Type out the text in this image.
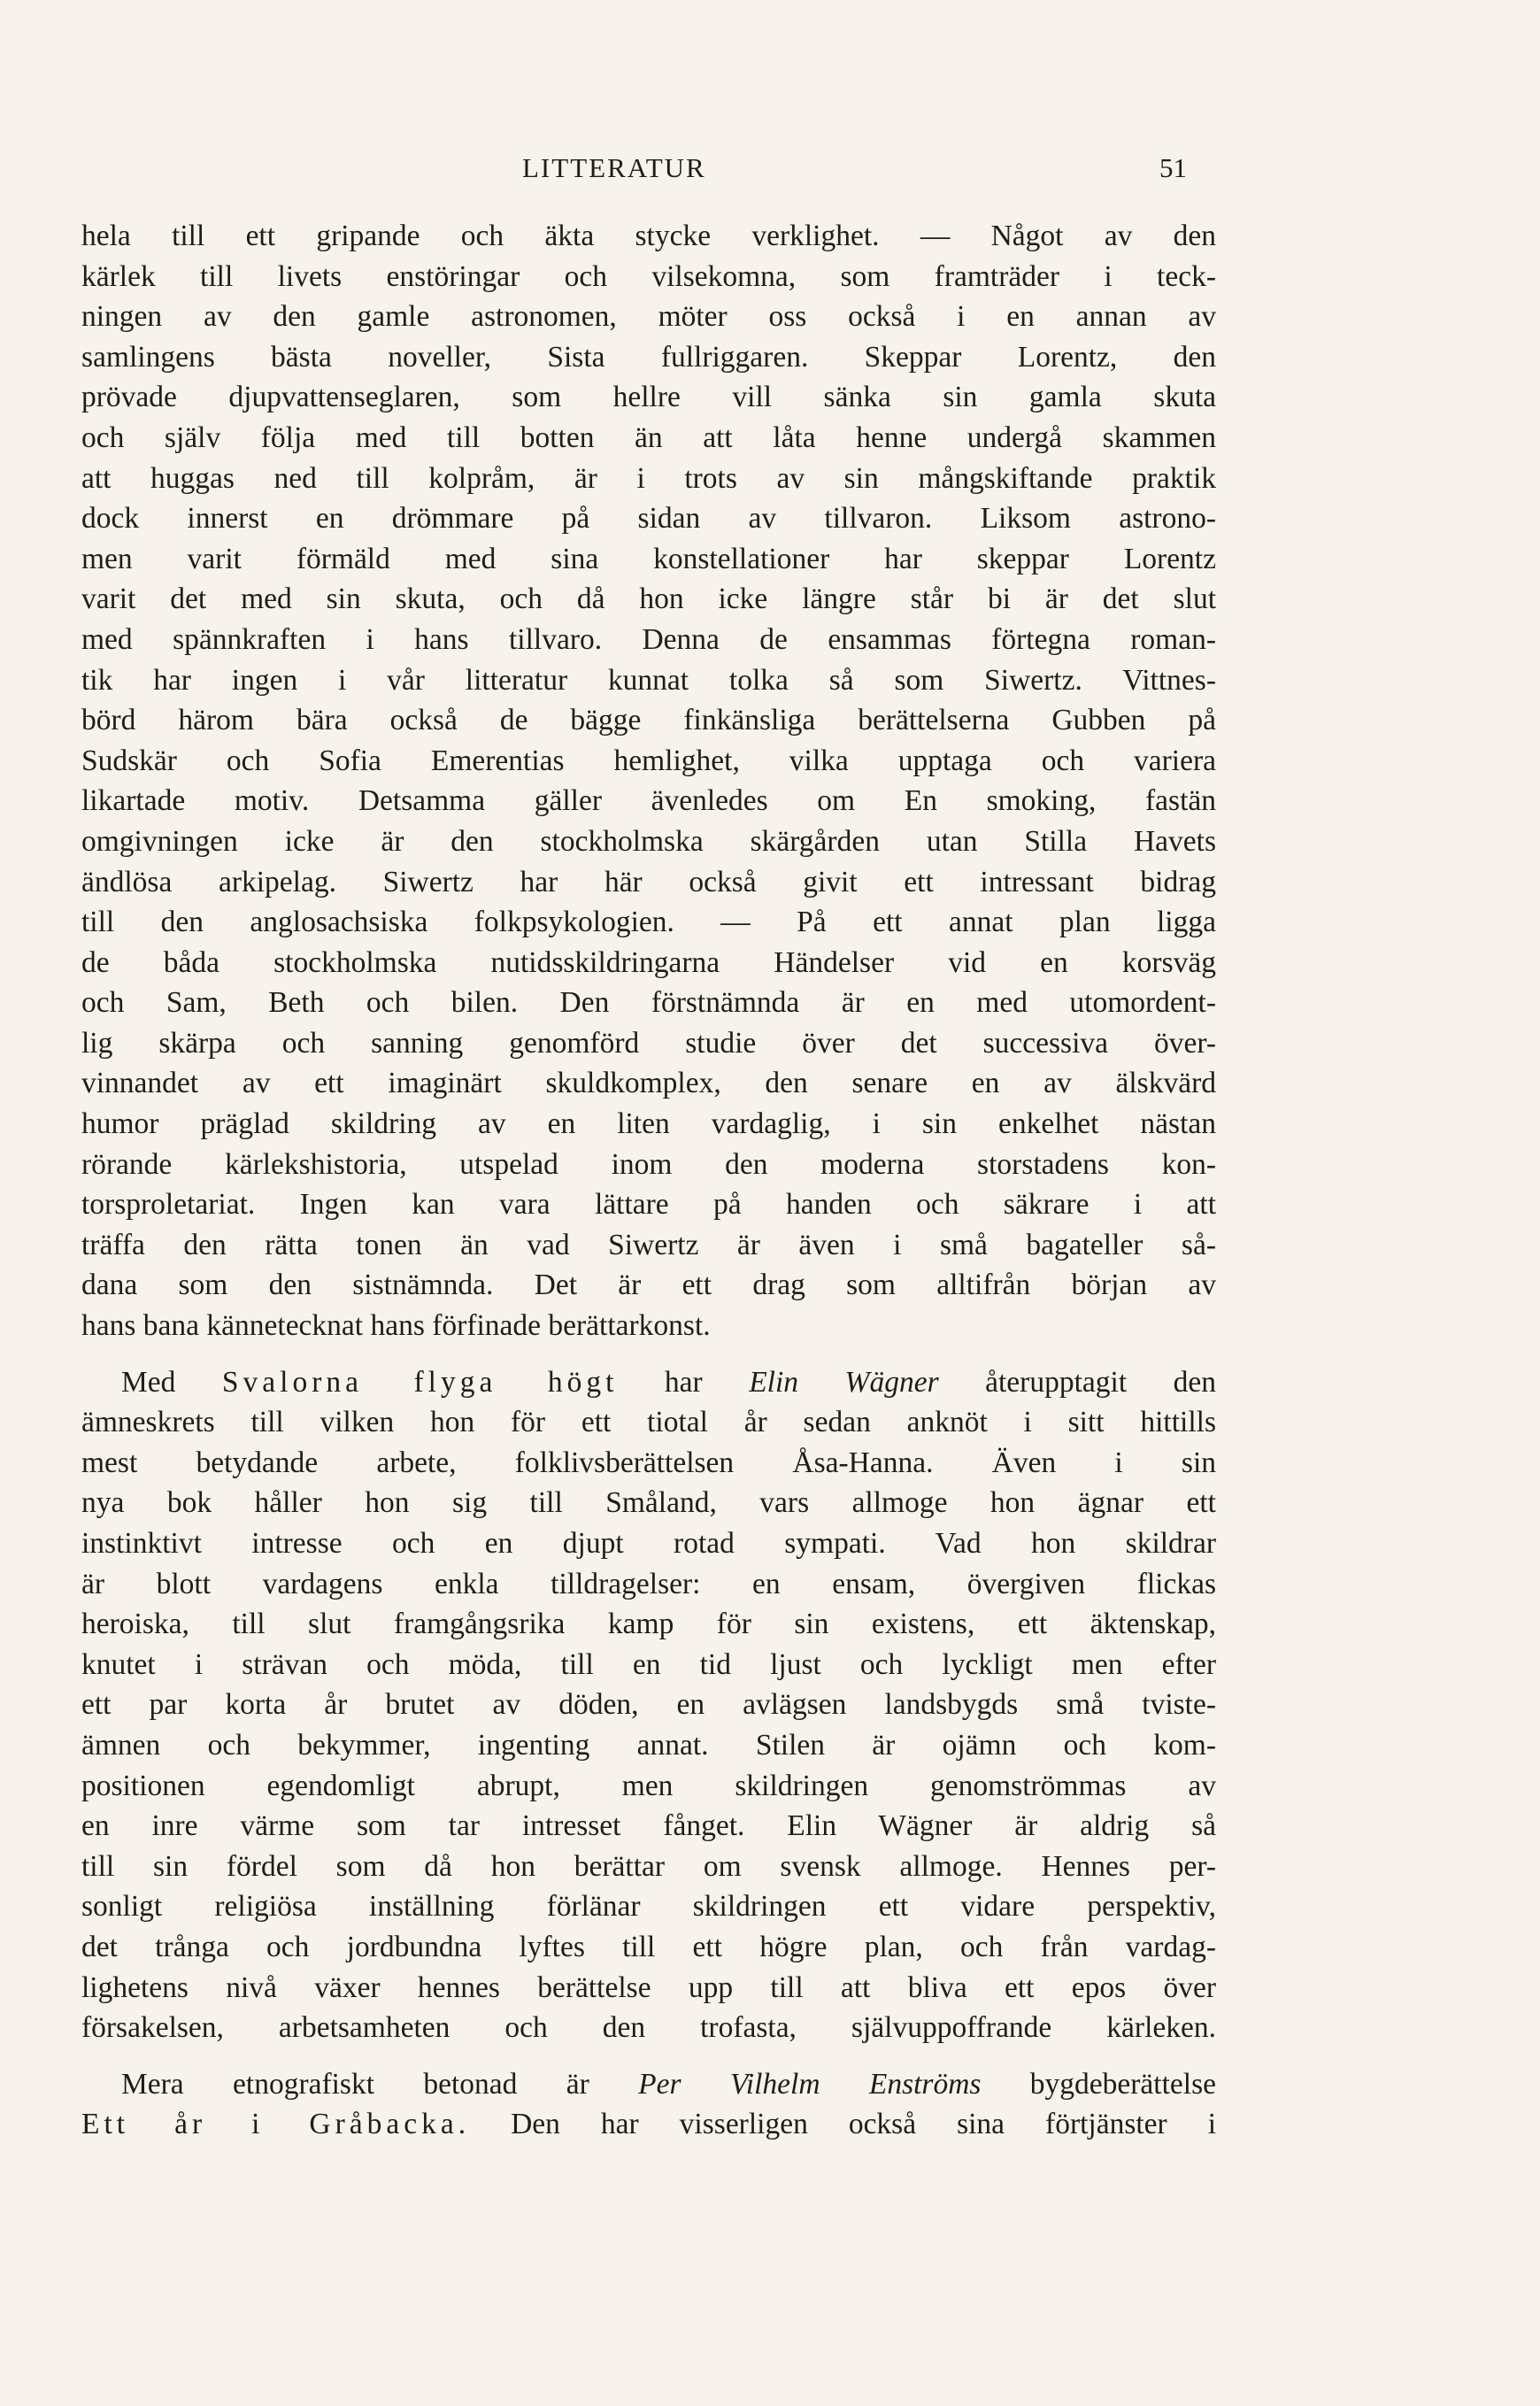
LITTERATUR	51
hela till ett gripande och äkta stycke verklighet. — Något av den
kärlek till livets enstöringar och vilsekomna, som framträder i teck-
ningen av den gamle astronomen, möter oss också i en annan av
samlingens bästa noveller, Sista fullriggaren. Skeppar Lorentz, den
prövade djupvattenseglaren, som hellre vill sänka sin gamla skuta
och själv följa med till botten än att låta henne undergå skammen
att huggas ned till kolpråm, är i trots av sin mångskiftande praktik
dock innerst en drömmare på sidan av tillvaron. Liksom astrono-
men varit förmäld med sina konstellationer har skeppar Lorentz
varit det med sin skuta, och då hon icke längre står bi är det slut
med spännkraften i hans tillvaro. Denna de ensammas förtegna roman-
tik har ingen i vår litteratur kunnat tolka så som Siwertz. Vittnes-
börd härom bära också de bägge finkänsliga berättelserna Gubben på
Sudskär och Sofia Emerentias hemlighet, vilka upptaga och variera
likartade motiv. Detsamma gäller ävenledes om En smoking, fastän
omgivningen icke är den stockholmska skärgården utan Stilla Havets
ändlösa arkipelag. Siwertz har här också givit ett intressant bidrag
till den anglosachsiska folkpsykologien. — På ett annat plan ligga
de båda stockholmska nutidsskildringarna Händelser vid en korsväg
och Sam, Beth och bilen. Den förstnämnda är en med utomordent-
lig skärpa och sanning genomförd studie över det successiva över-
vinnandet av ett imaginärt skuldkomplex, den senare en av älskvärd
humor präglad skildring av en liten vardaglig, i sin enkelhet nästan
rörande kärlekshistoria, utspelad inom den moderna storstadens kon-
torsproletariat. Ingen kan vara lättare på handen och säkrare i att
träffa den rätta tonen än vad Siwertz är även i små bagateller så-
dana som den sistnämnda. Det är ett drag som alltifrån början av
hans bana kännetecknat hans förfinade berättarkonst.
Med Svalorna flyga högt har Elin Wägner återupptagit den
ämneskrets till vilken hon för ett tiotal år sedan anknöt i sitt hittills
mest betydande arbete, folklivsberättelsen Åsa-Hanna. Även i sin
nya bok håller hon sig till Småland, vars allmoge hon ägnar ett
instinktivt intresse och en djupt rotad sympati. Vad hon skildrar
är blott vardagens enkla tilldragelser: en ensam, övergiven flickas
heroiska, till slut framgångsrika kamp för sin existens, ett äktenskap,
knutet i strävan och möda, till en tid ljust och lyckligt men efter
ett par korta år brutet av döden, en avlägsen landsbygds små tviste-
ämnen och bekymmer, ingenting annat. Stilen är ojämn och kom-
positionen egendomligt abrupt, men skildringen genomströmmas av
en inre värme som tar intresset fånget. Elin Wägner är aldrig så
till sin fördel som då hon berättar om svensk allmoge. Hennes per-
sonligt religiösa inställning förlänar skildringen ett vidare perspektiv,
det trånga och jordbundna lyftes till ett högre plan, och från vardag-
lighetens nivå växer hennes berättelse upp till att bliva ett epos över
försakelsen, arbetsamheten och den trofasta, självuppoffrande kärleken.
Mera etnografiskt betonad är Per Vilhelm Enströms bygdeberättelse
Ett år i Gråbacka. Den har visserligen också sina förtjänster i
